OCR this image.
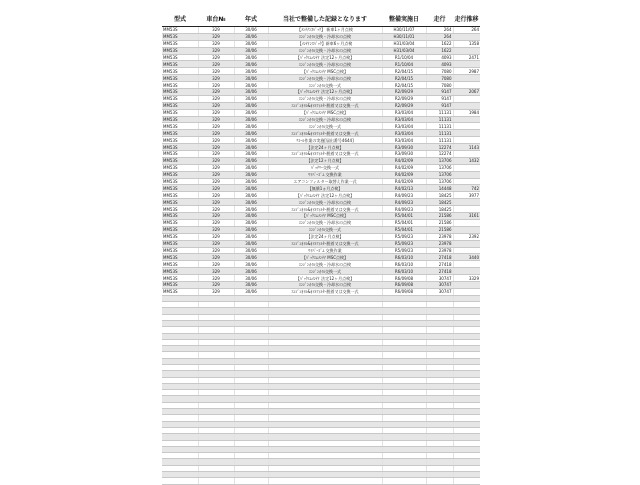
型式	車台№	年式	当社で整備した記録となります	整備実施日	走行	走行推移
MM53S	329	30/06	【ﾒﾝﾃﾅﾝｽﾊﾟｯｸ】 新車1ヶ月点検	H30/11/07	264	264
MM53S	329	30/06	ｴﾝｼﾞﾝｵｲﾙ交換・冷却水の点検	H30/11/01	264	
MM53S	329	30/06	【ﾒﾝﾃﾅﾝｽﾊﾟｯｸ】新車6ヶ月点検	H31/03/04	1622	1358
MM53S	329	30/06	ｴﾝｼﾞﾝｵｲﾙ交換・冷却水の点検	H31/03/04	1622	
MM53S	329	30/06	【ﾊﾟｯｸｴﾑﾒﾝﾃﾅ 法定12ヶ月点検】	R1/10/04	4093	2471
MM53S	329	30/06	ｴﾝｼﾞﾝｵｲﾙ交換・冷却水の点検	R1/10/04	4093	
MM53S	329	30/06	【ﾊﾟｯｸｴﾑﾒﾝﾃﾅ MSC点検】	R2/04/15	7080	2987
MM53S	329	30/06	ｴﾝｼﾞﾝｵｲﾙ交換・冷却水の点検	R2/04/15	7080	
MM53S	329	30/06	ｴﾝｼﾞﾝｵｲﾙ交換一式	R2/04/15	7080	
MM53S	329	30/06	【ﾊﾟｯｸｴﾑﾒﾝﾃﾅ 法定12ヶ月点検】	R2/09/29	9147	2067
MM53S	329	30/06	ｴﾝｼﾞﾝｵｲﾙ交換・冷却水の点検	R2/09/29	9147	
MM53S	329	30/06	ｴﾝｼﾞﾝｵｲﾙ&ｵｲﾙﾌｨﾙﾀｰ脱着又は交換一式	R2/09/29	9147	
MM53S	329	30/06	【ﾊﾟｯｸｴﾑﾒﾝﾃﾅ MSC点検】	R3/03/04	11131	1984
MM53S	329	30/06	ｴﾝｼﾞﾝｵｲﾙ交換・冷却水の点検	R3/03/04	11131	
MM53S	329	30/06	ｴﾝｼﾞﾝｵｲﾙ交換一式	R3/03/04	11131	
MM53S	329	30/06	ｴﾝｼﾞﾝｵｲﾙ&ｵｲﾙﾌｨﾙﾀｰ脱着又は交換一式	R3/03/04	11131	
MM53S	329	30/06	ﾘｺｰﾙ作業の実施[届出番号4644]	R3/03/04	11131	
MM53S	329	30/06	【法定24ヶ月点検】	R3/09/30	12274	1143
MM53S	329	30/06	ｴﾝｼﾞﾝｵｲﾙ&ｵｲﾙﾌｨﾙﾀｰ脱着又は交換一式	R3/09/30	12274	
MM53S	329	30/06	【法定12ヶ月点検】	R4/02/09	13706	1432
MM53S	329	30/06	ﾊﾞｯﾃﾘｰ交換一式	R4/02/09	13706	
MM53S	329	30/06	ﾜｲﾊﾟｰｺﾞﾑ 交換作業	R4/02/09	13706	
MM53S	329	30/06	エアコンフィルター取替え作業一式	R4/02/09	13706	
MM53S	329	30/06	【無償1ヵ月点検】	R4/02/13	14448	742
MM53S	329	30/06	【ﾊﾟｯｸｴﾑﾒﾝﾃﾅ 法定12ヶ月点検】	R4/09/23	18425	3977
MM53S	329	30/06	ｴﾝｼﾞﾝｵｲﾙ交換・冷却水の点検	R4/09/23	18425	
MM53S	329	30/06	ｴﾝｼﾞﾝｵｲﾙ&ｵｲﾙﾌｨﾙﾀｰ脱着又は交換一式	R4/09/23	18425	
MM53S	329	30/06	【ﾊﾟｯｸｴﾑﾒﾝﾃﾅ MSC点検】	R5/04/01	21586	3161
MM53S	329	30/06	ｴﾝｼﾞﾝｵｲﾙ交換・冷却水の点検	R5/04/01	21586	
MM53S	329	30/06	ｴﾝｼﾞﾝｵｲﾙ交換一式	R5/04/01	21586	
MM53S	329	30/06	【法定24ヶ月点検】	R5/09/23	23978	2392
MM53S	329	30/06	ｴﾝｼﾞﾝｵｲﾙ&ｵｲﾙﾌｨﾙﾀｰ脱着又は交換一式	R5/09/23	23978	
MM53S	329	30/06	ﾜｲﾊﾟｰｺﾞﾑ 交換作業	R5/09/23	23978	
MM53S	329	30/06	【ﾊﾟｯｸｴﾑﾒﾝﾃﾅ MSC点検】	R6/03/10	27418	3440
MM53S	329	30/06	ｴﾝｼﾞﾝｵｲﾙ交換・冷却水の点検	R6/03/10	27418	
MM53S	329	30/06	ｴﾝｼﾞﾝｵｲﾙ交換一式	R6/03/10	27418	
MM53S	329	30/06	【ﾊﾟｯｸｴﾑﾒﾝﾃﾅ 法定12ヶ月点検】	R6/09/08	30747	3329
MM53S	329	30/06	ｴﾝｼﾞﾝｵｲﾙ交換・冷却水の点検	R6/09/08	30747	
MM53S	329	30/06	ｴﾝｼﾞﾝｵｲﾙ&ｵｲﾙﾌｨﾙﾀｰ脱着又は交換一式	R6/09/08	30747	
